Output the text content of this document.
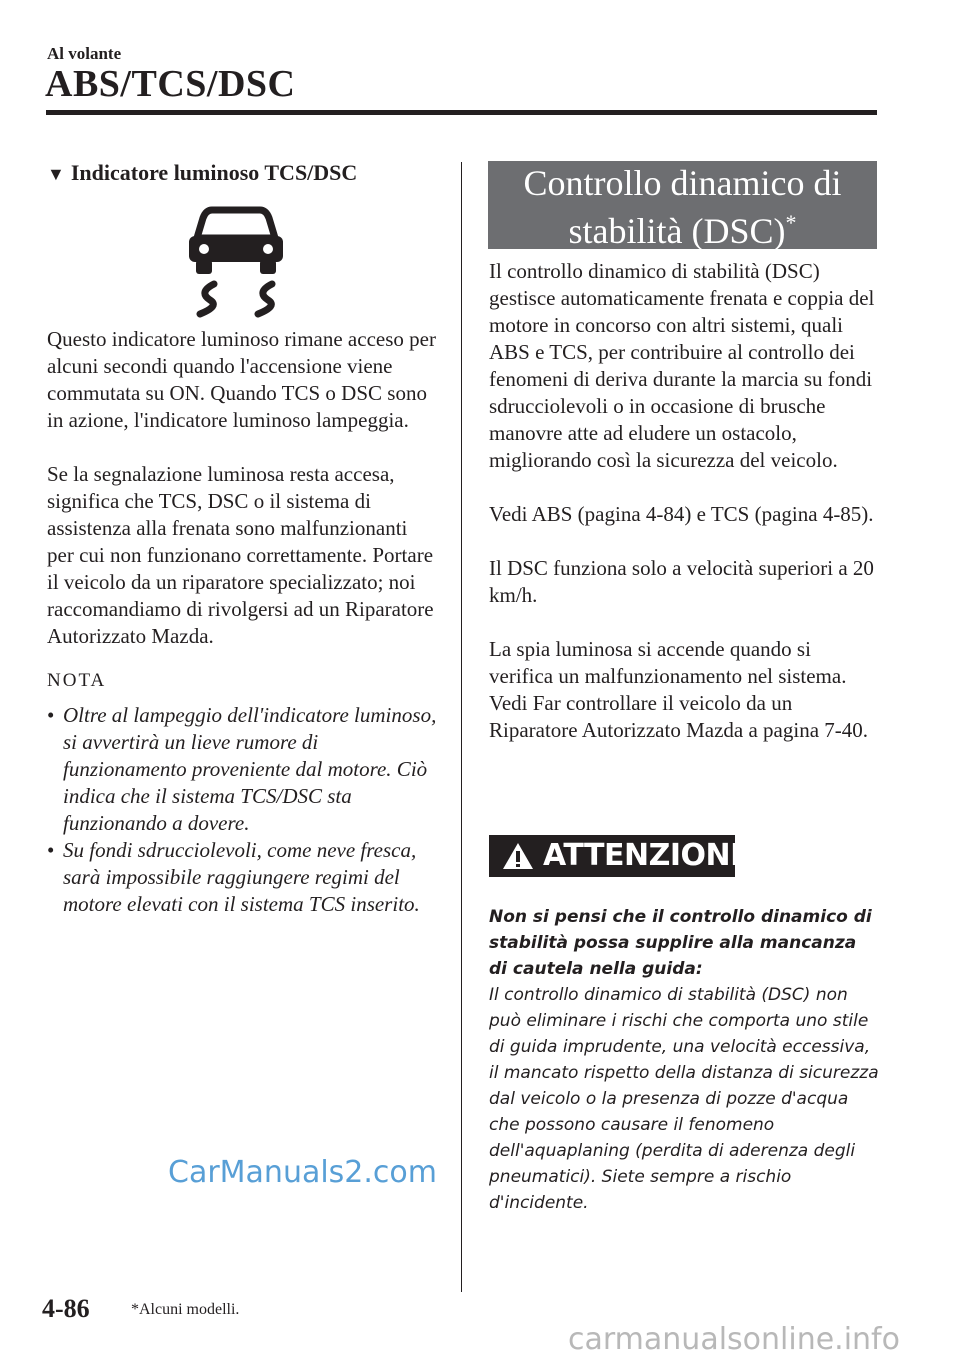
Al volante
ABS/TCS/DSC
▼ Indicatore luminoso TCS/DSC

Questo indicatore luminoso rimane acceso per alcuni secondi quando l'accensione viene commutata su ON. Quando TCS o DSC sono in azione, l'indicatore luminoso lampeggia.

Se la segnalazione luminosa resta accesa, significa che TCS, DSC o il sistema di assistenza alla frenata sono malfunzionanti per cui non funzionano correttamente. Portare il veicolo da un riparatore specializzato; noi raccomandiamo di rivolgersi ad un Riparatore Autorizzato Mazda.

NOTA
• Oltre al lampeggio dell'indicatore luminoso, si avvertirà un lieve rumore di funzionamento proveniente dal motore. Ciò indica che il sistema TCS/DSC sta funzionando a dovere.
• Su fondi sdrucciolevoli, come neve fresca, sarà impossibile raggiungere regimi del motore elevati con il sistema TCS inserito.
Controllo dinamico di
stabilità (DSC)*

Il controllo dinamico di stabilità (DSC) gestisce automaticamente frenata e coppia del motore in concorso con altri sistemi, quali ABS e TCS, per contribuire al controllo dei fenomeni di deriva durante la marcia su fondi sdrucciolevoli o in occasione di brusche manovre atte ad eludere un ostacolo, migliorando così la sicurezza del veicolo.

Vedi ABS (pagina 4-84) e TCS (pagina 4-85).

Il DSC funziona solo a velocità superiori a 20 km/h.

La spia luminosa si accende quando si verifica un malfunzionamento nel sistema. Vedi Far controllare il veicolo da un Riparatore Autorizzato Mazda a pagina 7-40.

ATTENZIONE

Non si pensi che il controllo dinamico di stabilità possa supplire alla mancanza di cautela nella guida:

Il controllo dinamico di stabilità (DSC) non può eliminare i rischi che comporta uno stile di guida imprudente, una velocità eccessiva, il mancato rispetto della distanza di sicurezza dal veicolo o la presenza di pozze d'acqua che possono causare il fenomeno dell'aquaplaning (perdita di aderenza degli pneumatici). Siete sempre a rischio d'incidente.

CarManuals2.com
4-86	*Alcuni modelli.
carmanualsonline.info
